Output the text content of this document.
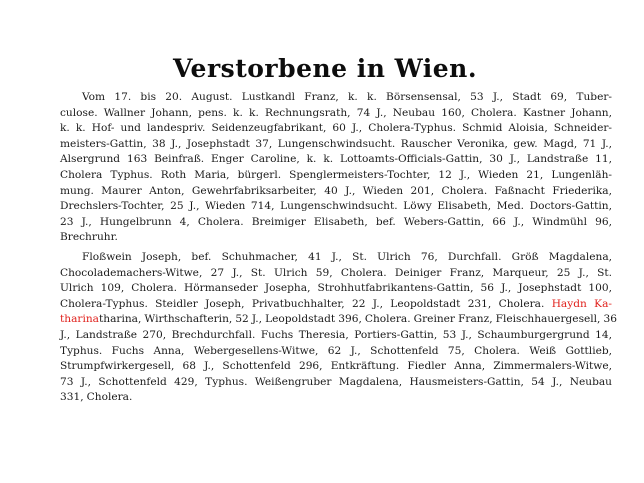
Verstorbene in Wien.
Vom 17. bis 20. August. Lustkandl Franz, k. k. Börsensensal, 53 J., Stadt 69, Tuber-
culose. Wallner Johann, pens. k. k. Rechnungsrath, 74 J., Neubau 160, Cholera. Kastner Johann,
k. k. Hof- und landespriv. Seidenzeugfabrikant, 60 J., Cholera-Typhus. Schmid Aloisia, Schneider-
meisters-Gattin, 38 J., Josephstadt 37, Lungenschwindsucht. Rauscher Veronika, gew. Magd, 71 J.,
Alsergrund 163 Beinfraß. Enger Caroline, k. k. Lottoamts-Officials-Gattin, 30 J., Landstraße 11,
Cholera Typhus. Roth Maria, bürgerl. Spenglermeisters-Tochter, 12 J., Wieden 21, Lungenläh-
mung. Maurer Anton, Gewehrfabriksarbeiter, 40 J., Wieden 201, Cholera. Faßnacht Friederika,
Drechslers-Tochter, 25 J., Wieden 714, Lungenschwindsucht. Löwy Elisabeth, Med. Doctors-Gattin,
23 J., Hungelbrunn 4, Cholera. Breimiger Elisabeth, bef. Webers-Gattin, 66 J., Windmühl 96,
Brechruhr.
Floßwein Joseph, bef. Schuhmacher, 41 J., St. Ulrich 76, Durchfall. Größ Magdalena,
Chocolademachers-Witwe, 27 J., St. Ulrich 59, Cholera. Deiniger Franz, Marqueur, 25 J., St.
Ulrich 109, Cholera. Hörmanseder Josepha, Strohhutfabrikantens-Gattin, 56 J., Josephstadt 100,
Cholera-Typhus. Steidler Joseph, Privatbuchhalter, 22 J., Leopoldstadt 231, Cholera. Haydn Ka-
tharinatharina, Wirthschafterin, 52 J., Leopoldstadt 396, Cholera. Greiner Franz, Fleischhauergesell, 36
J., Landstraße 270, Brechdurchfall. Fuchs Theresia, Portiers-Gattin, 53 J., Schaumburgergrund 14,
Typhus. Fuchs Anna, Webergesellens-Witwe, 62 J., Schottenfeld 75, Cholera. Weiß Gottlieb,
Strumpfwirkergesell, 68 J., Schottenfeld 296, Entkräftung. Fiedler Anna, Zimmermalers-Witwe,
73 J., Schottenfeld 429, Typhus. Weißengruber Magdalena, Hausmeisters-Gattin, 54 J., Neubau
331, Cholera.
